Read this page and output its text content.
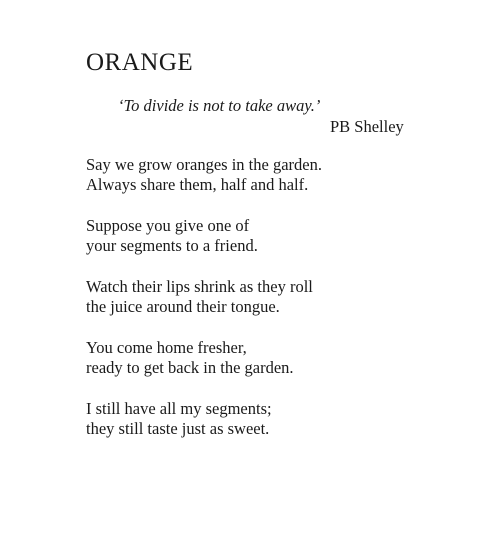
ORANGE
‘To divide is not to take away.’
PB Shelley
Say we grow oranges in the garden.
Always share them, half and half.
Suppose you give one of
your segments to a friend.
Watch their lips shrink as they roll
the juice around their tongue.
You come home fresher,
ready to get back in the garden.
I still have all my segments;
they still taste just as sweet.
